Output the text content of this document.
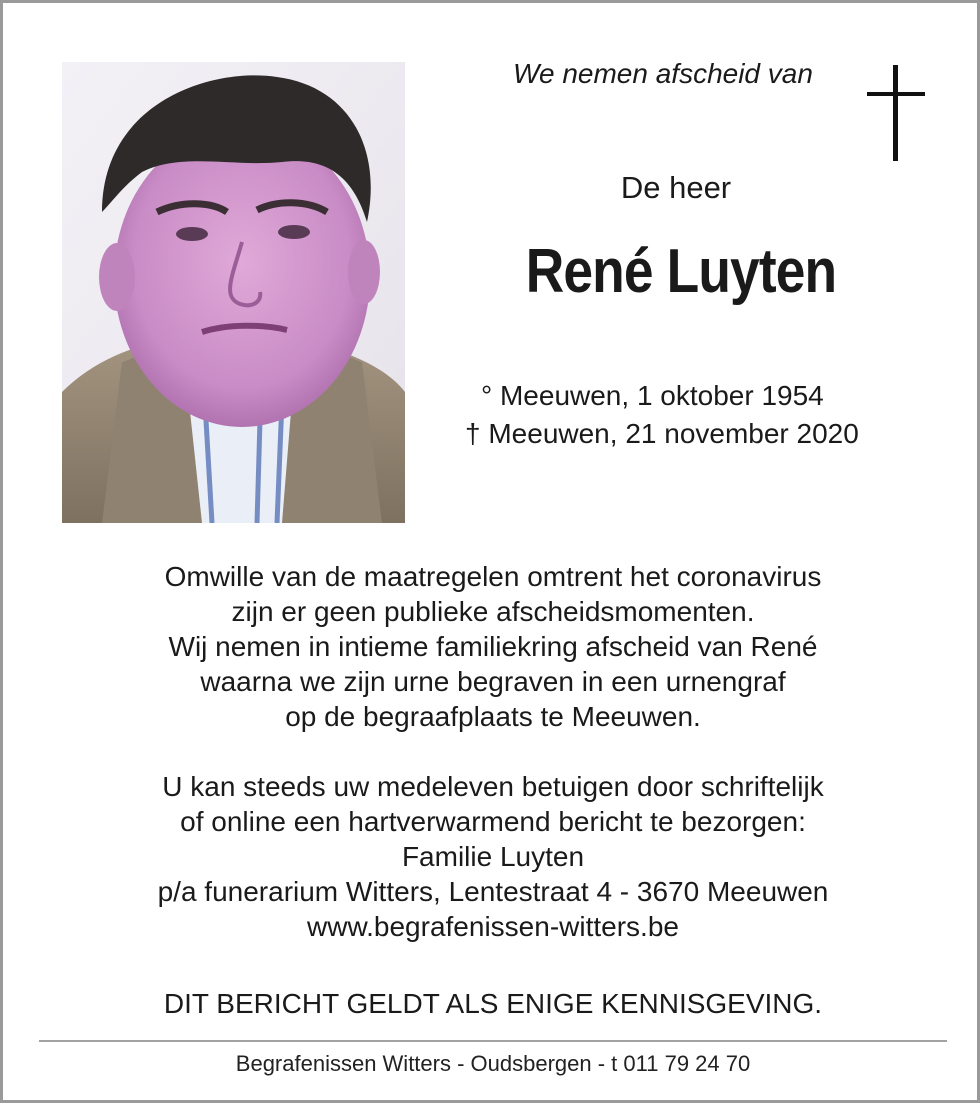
We nemen afscheid van
De heer
René Luyten
° Meeuwen, 1 oktober 1954
† Meeuwen, 21 november 2020
Omwille van de maatregelen omtrent het coronavirus
zijn er geen publieke afscheidsmomenten.
Wij nemen in intieme familiekring afscheid van René
waarna we zijn urne begraven in een urnengraf
op de begraafplaats te Meeuwen.
U kan steeds uw medeleven betuigen door schriftelijk
of online een hartverwarmend bericht te bezorgen:
Familie Luyten
p/a funerarium Witters, Lentestraat 4 - 3670 Meeuwen
www.begrafenissen-witters.be
DIT BERICHT GELDT ALS ENIGE KENNISGEVING.
Begrafenissen Witters - Oudsbergen - t 011 79 24 70
